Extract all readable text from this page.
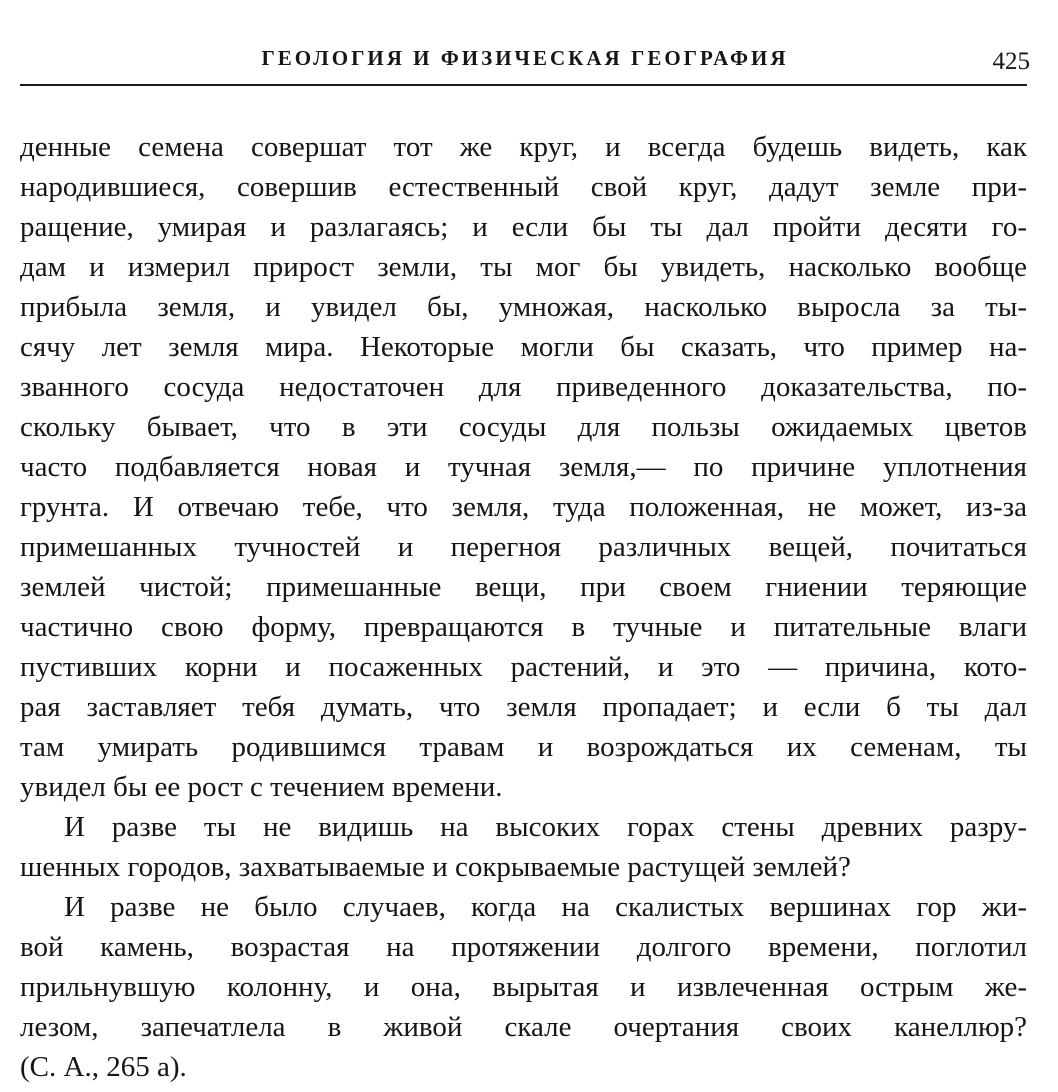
ГЕОЛОГИЯ И ФИЗИЧЕСКАЯ ГЕОГРАФИЯ	425
денные семена совершат тот же круг, и всегда будешь видеть, как
народившиеся, совершив естественный свой круг, дадут земле при-
ращение, умирая и разлагаясь; и если бы ты дал пройти десяти го-
дам и измерил прирост земли, ты мог бы увидеть, насколько вообще
прибыла земля, и увидел бы, умножая, насколько выросла за ты-
сячу лет земля мира. Некоторые могли бы сказать, что пример на-
званного сосуда недостаточен для приведенного доказательства, по-
скольку бывает, что в эти сосуды для пользы ожидаемых цветов
часто подбавляется новая и тучная земля,— по причине уплотнения
грунта. И отвечаю тебе, что земля, туда положенная, не может, из-за
примешанных тучностей и перегноя различных вещей, почитаться
землей чистой; примешанные вещи, при своем гниении теряющие
частично свою форму, превращаются в тучные и питательные влаги
пустивших корни и посаженных растений, и это — причина, кото-
рая заставляет тебя думать, что земля пропадает; и если б ты дал
там умирать родившимся травам и возрождаться их семенам, ты
увидел бы ее рост с течением времени.
И разве ты не видишь на высоких горах стены древних разру-
шенных городов, захватываемые и сокрываемые растущей землей?
И разве не было случаев, когда на скалистых вершинах гор жи-
вой камень, возрастая на протяжении долгого времени, поглотил
прильнувшую колонну, и она, вырытая и извлеченная острым же-
лезом, запечатлела в живой скале очертания своих канеллюр?
(С. А., 265 а).
